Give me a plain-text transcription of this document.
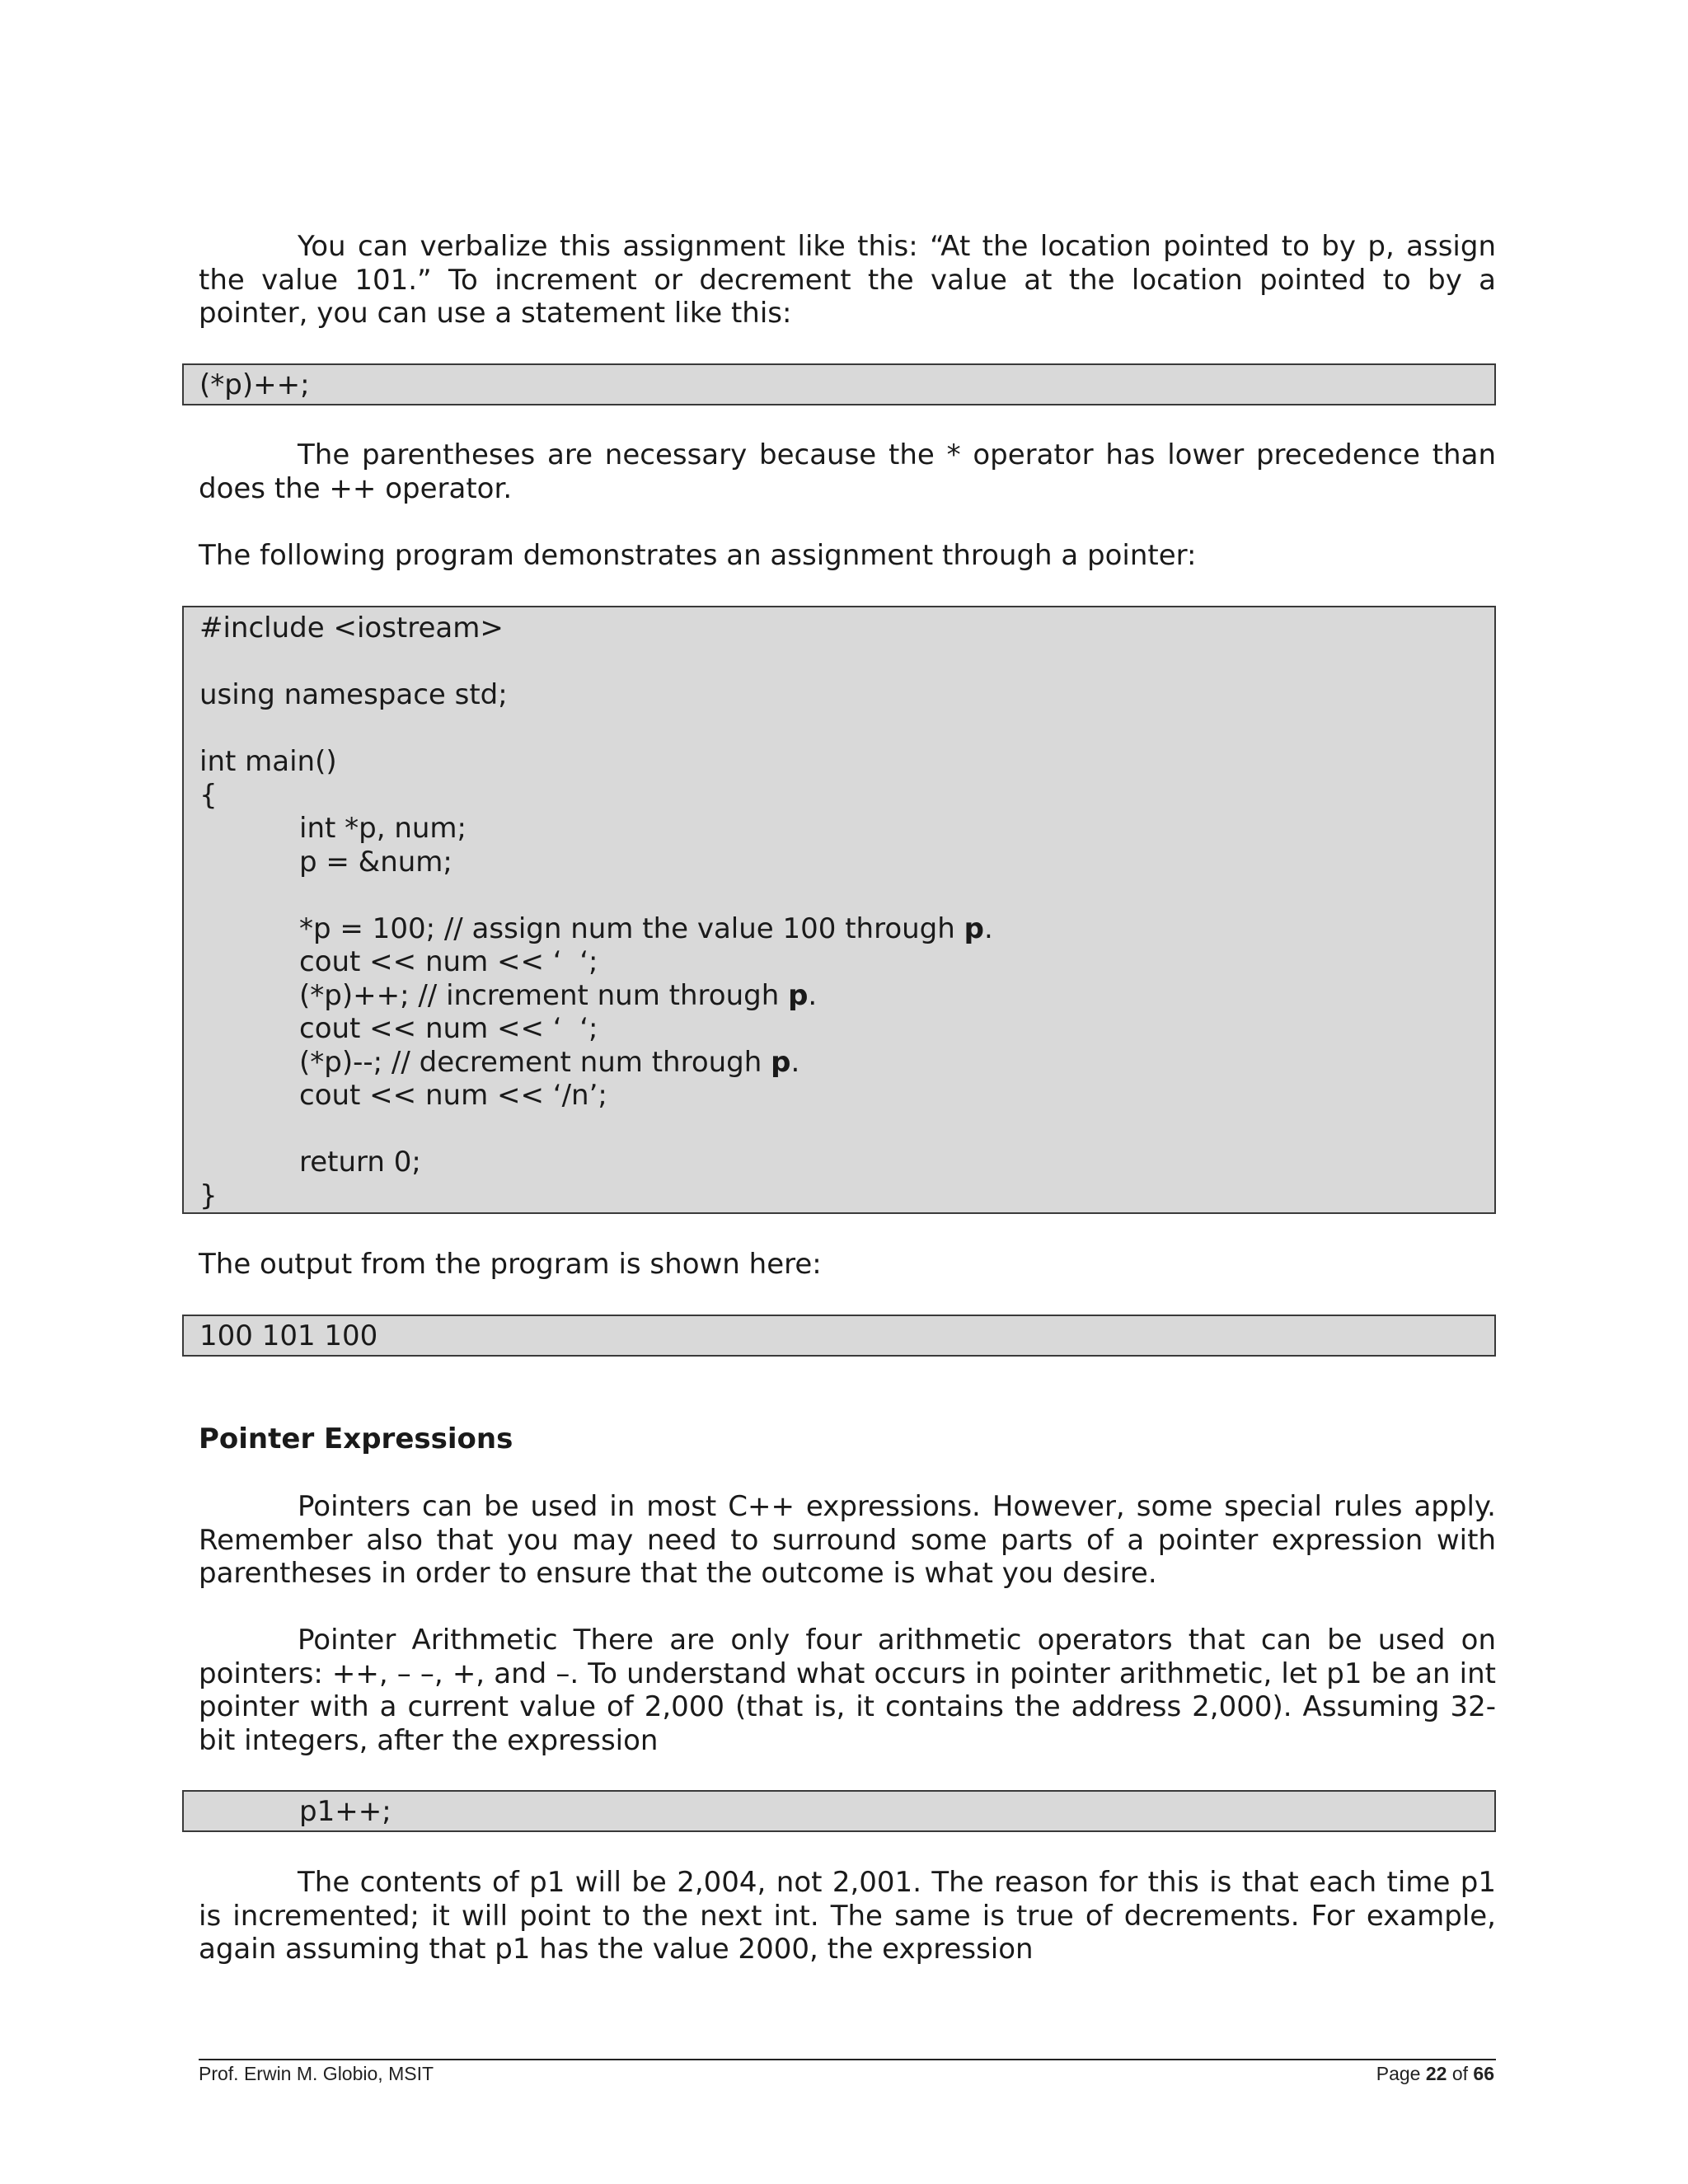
You can verbalize this assignment like this: “At the location pointed to by p, assign the value 101.” To increment or decrement the value at the location pointed to by a pointer, you can use a statement like this:

(*p)++;

The parentheses are necessary because the * operator has lower precedence than does the ++ operator.

The following program demonstrates an assignment through a pointer:

#include <iostream>
using namespace std;
int main()
{
int *p, num;
p = &num;
*p = 100; // assign num the value 100 through p.
cout << num << ‘  ‘;
(*p)++; // increment num through p.
cout << num << ‘  ‘;
(*p)--; // decrement num through p.
cout << num << ‘/n’;
return 0;
}

The output from the program is shown here:

100 101 100

Pointer Expressions

Pointers can be used in most C++ expressions. However, some special rules apply. Remember also that you may need to surround some parts of a pointer expression with parentheses in order to ensure that the outcome is what you desire.

Pointer Arithmetic There are only four arithmetic operators that can be used on pointers: ++, – –, +, and –. To understand what occurs in pointer arithmetic, let p1 be an int pointer with a current value of 2,000 (that is, it contains the address 2,000). Assuming 32-bit integers, after the expression

p1++;

The contents of p1 will be 2,004, not 2,001. The reason for this is that each time p1 is incremented; it will point to the next int. The same is true of decrements. For example, again assuming that p1 has the value 2000, the expression

Prof. Erwin M. Globio, MSIT	Page 22 of 66
